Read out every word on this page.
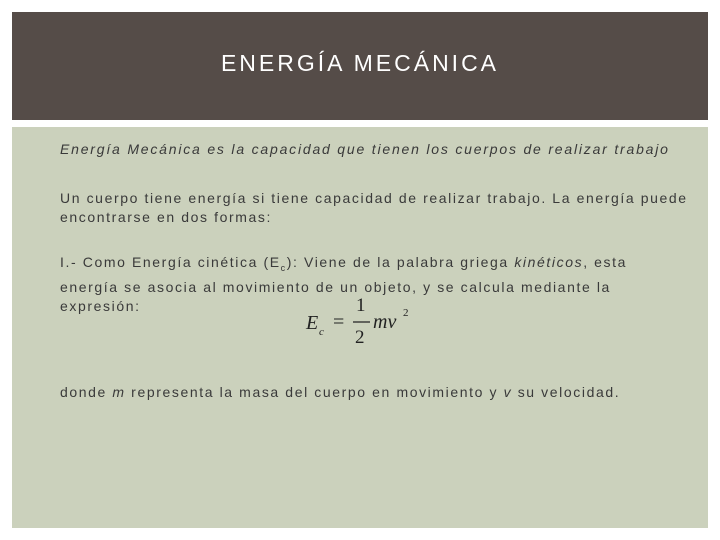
ENERGÍA MECÁNICA

Energía Mecánica es la capacidad que tienen los cuerpos de realizar trabajo

Un cuerpo tiene energía si tiene capacidad de realizar trabajo. La energía puede encontrarse en dos formas:

I.- Como Energía cinética $(E_c)$: Viene de la palabra griega kinéticos, esta energía se asocia al movimiento de un objeto, y se calcula mediante la expresión:

E c =
1
2
mv 2

donde m representa la masa del cuerpo en movimiento y v su velocidad.
